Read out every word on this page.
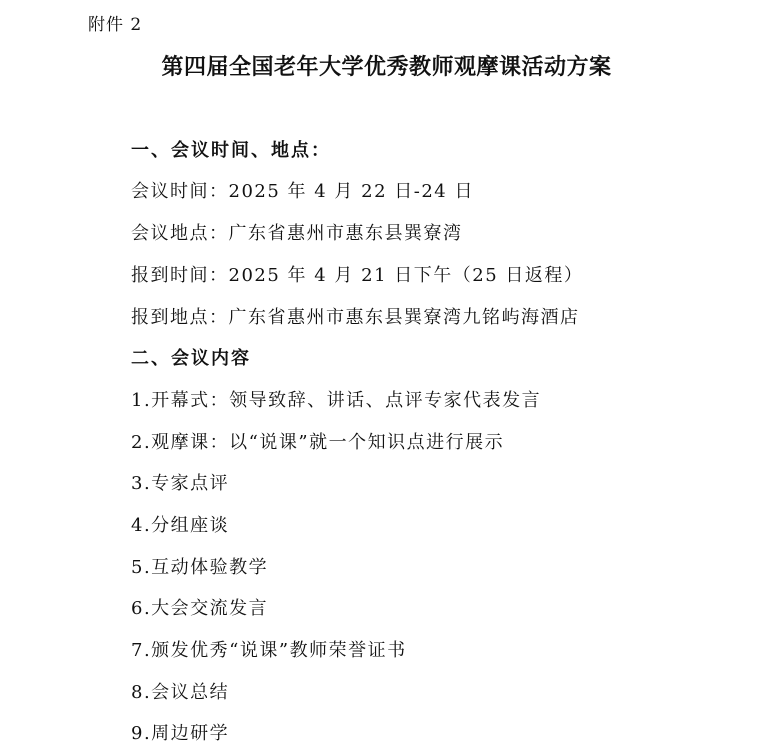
附件 2
第四届全国老年大学优秀教师观摩课活动方案
一、会议时间、地点：
会议时间：2025 年 4 月 22 日-24 日
会议地点：广东省惠州市惠东县巽寮湾
报到时间：2025 年 4 月 21 日下午（25 日返程）
报到地点：广东省惠州市惠东县巽寮湾九铭屿海酒店
二、会议内容
1.开幕式：领导致辞、讲话、点评专家代表发言
2.观摩课：以“说课”就一个知识点进行展示
3.专家点评
4.分组座谈
5.互动体验教学
6.大会交流发言
7.颁发优秀“说课”教师荣誉证书
8.会议总结
9.周边研学
